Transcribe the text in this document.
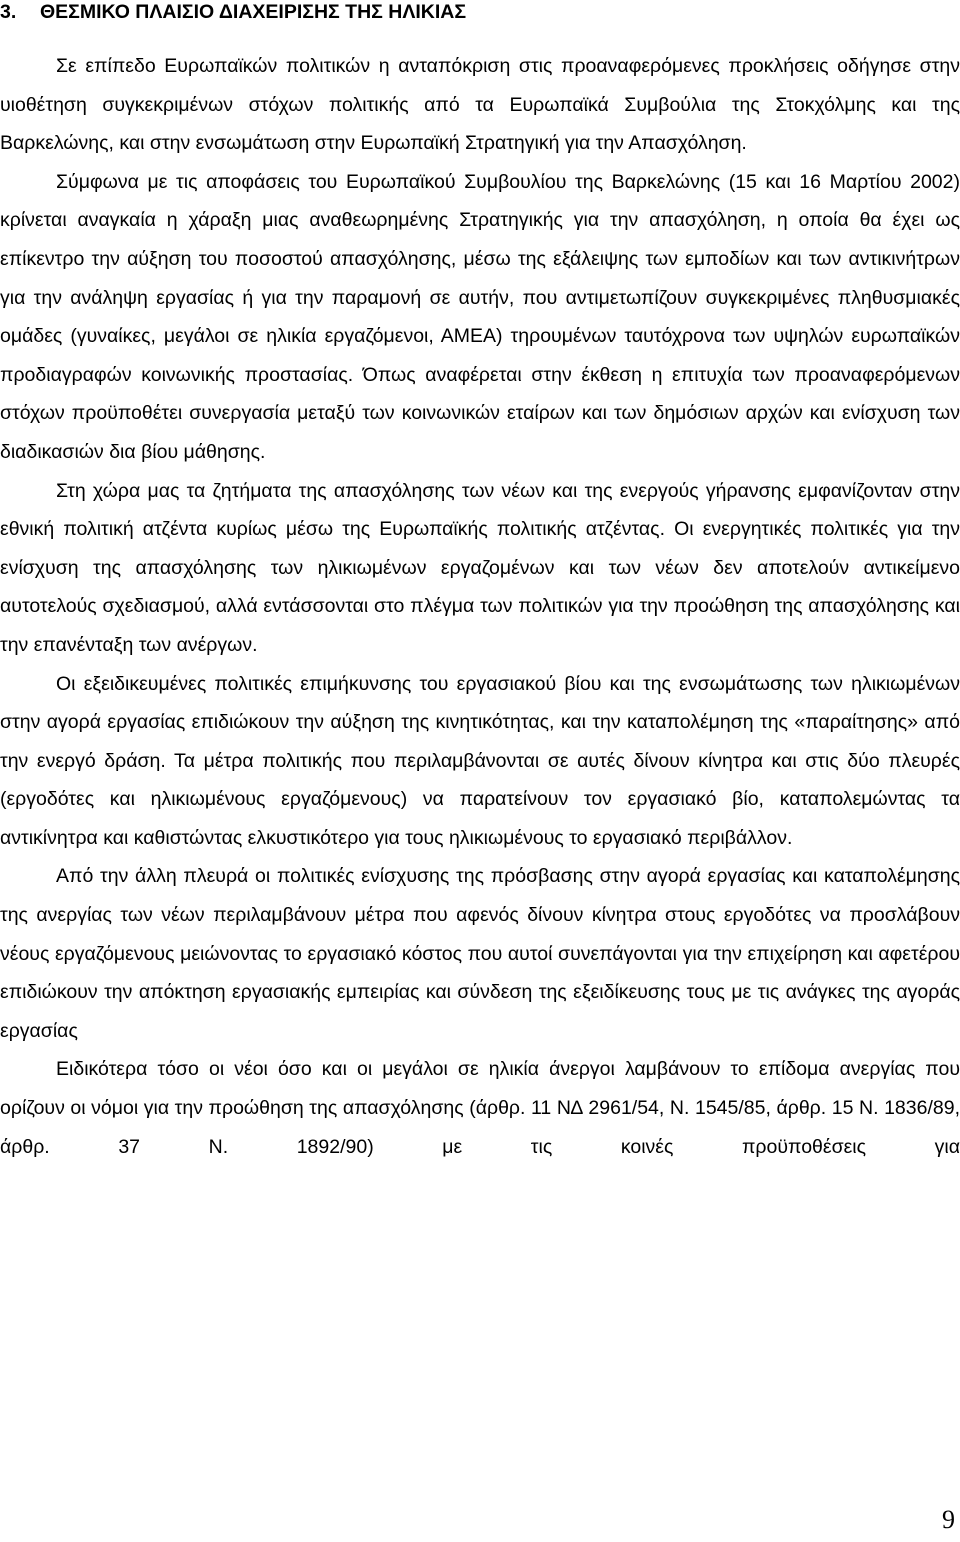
3. ΘΕΣΜΙΚΟ ΠΛΑΙΣΙΟ ΔΙΑΧΕΙΡΙΣΗΣ ΤΗΣ ΗΛΙΚΙΑΣ

Σε επίπεδο Ευρωπαϊκών πολιτικών η ανταπόκριση στις προαναφερόμενες προκλήσεις οδήγησε στην υιοθέτηση συγκεκριμένων στόχων πολιτικής από τα Ευρωπαϊκά Συμβούλια της Στοκχόλμης και της Βαρκελώνης, και στην ενσωμάτωση στην Ευρωπαϊκή Στρατηγική για την Απασχόληση.

Σύμφωνα με τις αποφάσεις του Ευρωπαϊκού Συμβουλίου της Βαρκελώνης (15 και 16 Μαρτίου 2002) κρίνεται αναγκαία η χάραξη μιας αναθεωρημένης Στρατηγικής για την απασχόληση, η οποία θα έχει ως επίκεντρο την αύξηση του ποσοστού απασχόλησης, μέσω της εξάλειψης των εμποδίων και των αντικινήτρων για την ανάληψη εργασίας ή για την παραμονή σε αυτήν, που αντιμετωπίζουν συγκεκριμένες πληθυσμιακές ομάδες (γυναίκες, μεγάλοι σε ηλικία εργαζόμενοι, ΑΜΕΑ) τηρουμένων ταυτόχρονα των υψηλών ευρωπαϊκών προδιαγραφών κοινωνικής προστασίας. Όπως αναφέρεται στην έκθεση η επιτυχία των προαναφερόμενων στόχων προϋποθέτει συνεργασία μεταξύ των κοινωνικών εταίρων και των δημόσιων αρχών και ενίσχυση των διαδικασιών δια βίου μάθησης.

Στη χώρα μας τα ζητήματα της απασχόλησης των νέων και της ενεργούς γήρανσης εμφανίζονταν στην εθνική πολιτική ατζέντα κυρίως μέσω της Ευρωπαϊκής πολιτικής ατζέντας. Οι ενεργητικές πολιτικές για την ενίσχυση της απασχόλησης των ηλικιωμένων εργαζομένων και των νέων δεν αποτελούν αντικείμενο αυτοτελούς σχεδιασμού, αλλά εντάσσονται στο πλέγμα των πολιτικών για την προώθηση της απασχόλησης και την επανένταξη των ανέργων.

Οι εξειδικευμένες πολιτικές επιμήκυνσης του εργασιακού βίου και της ενσωμάτωσης των ηλικιωμένων στην αγορά εργασίας επιδιώκουν την αύξηση της κινητικότητας, και την καταπολέμηση της «παραίτησης» από την ενεργό δράση. Τα μέτρα πολιτικής που περιλαμβάνονται σε αυτές δίνουν κίνητρα και στις δύο πλευρές (εργοδότες και ηλικιωμένους εργαζόμενους) να παρατείνουν τον εργασιακό βίο, καταπολεμώντας τα αντικίνητρα και καθιστώντας ελκυστικότερο για τους ηλικιωμένους το εργασιακό περιβάλλον.

Από την άλλη πλευρά οι πολιτικές ενίσχυσης της πρόσβασης στην αγορά εργασίας και καταπολέμησης της ανεργίας των νέων περιλαμβάνουν μέτρα που αφενός δίνουν κίνητρα στους εργοδότες να προσλάβουν νέους εργαζόμενους μειώνοντας το εργασιακό κόστος που αυτοί συνεπάγονται για την επιχείρηση και αφετέρου επιδιώκουν την απόκτηση εργασιακής εμπειρίας και σύνδεση της εξειδίκευσης τους με τις ανάγκες της αγοράς εργασίας

Ειδικότερα τόσο οι νέοι όσο και οι μεγάλοι σε ηλικία άνεργοι λαμβάνουν το επίδομα ανεργίας που ορίζουν οι νόμοι για την προώθηση της απασχόλησης (άρθρ. 11 Ν∆ 2961/54, Ν. 1545/85, άρθρ. 15 Ν. 1836/89, άρθρ. 37 Ν. 1892/90) με τις κοινές προϋποθέσεις για

9
